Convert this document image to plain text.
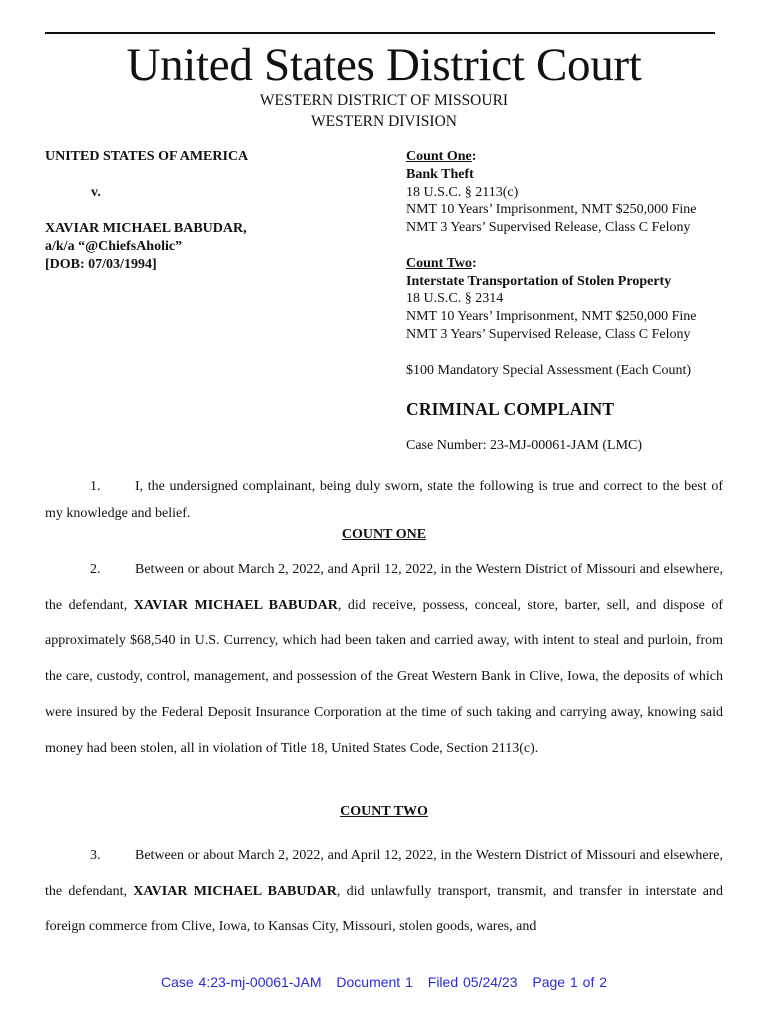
United States District Court
WESTERN DISTRICT OF MISSOURI
WESTERN DIVISION
UNITED STATES OF AMERICA
v.
XAVIAR MICHAEL BABUDAR,
a/k/a “@ChiefsAholic”
[DOB: 07/03/1994]
Count One:
Bank Theft
18 U.S.C. § 2113(c)
NMT 10 Years’ Imprisonment, NMT $250,000 Fine
NMT 3 Years’ Supervised Release, Class C Felony
Count Two:
Interstate Transportation of Stolen Property
18 U.S.C. § 2314
NMT 10 Years’ Imprisonment, NMT $250,000 Fine
NMT 3 Years’ Supervised Release, Class C Felony
$100 Mandatory Special Assessment (Each Count)
CRIMINAL COMPLAINT
Case Number: 23-MJ-00061-JAM (LMC)
1. I, the undersigned complainant, being duly sworn, state the following is true and correct to the best of my knowledge and belief.
COUNT ONE
2. Between or about March 2, 2022, and April 12, 2022, in the Western District of Missouri and elsewhere, the defendant, XAVIAR MICHAEL BABUDAR, did receive, possess, conceal, store, barter, sell, and dispose of approximately $68,540 in U.S. Currency, which had been taken and carried away, with intent to steal and purloin, from the care, custody, control, management, and possession of the Great Western Bank in Clive, Iowa, the deposits of which were insured by the Federal Deposit Insurance Corporation at the time of such taking and carrying away, knowing said money had been stolen, all in violation of Title 18, United States Code, Section 2113(c).
COUNT TWO
3. Between or about March 2, 2022, and April 12, 2022, in the Western District of Missouri and elsewhere, the defendant, XAVIAR MICHAEL BABUDAR, did unlawfully transport, transmit, and transfer in interstate and foreign commerce from Clive, Iowa, to Kansas City, Missouri, stolen goods, wares, and
Case 4:23-mj-00061-JAM Document 1 Filed 05/24/23 Page 1 of 2
